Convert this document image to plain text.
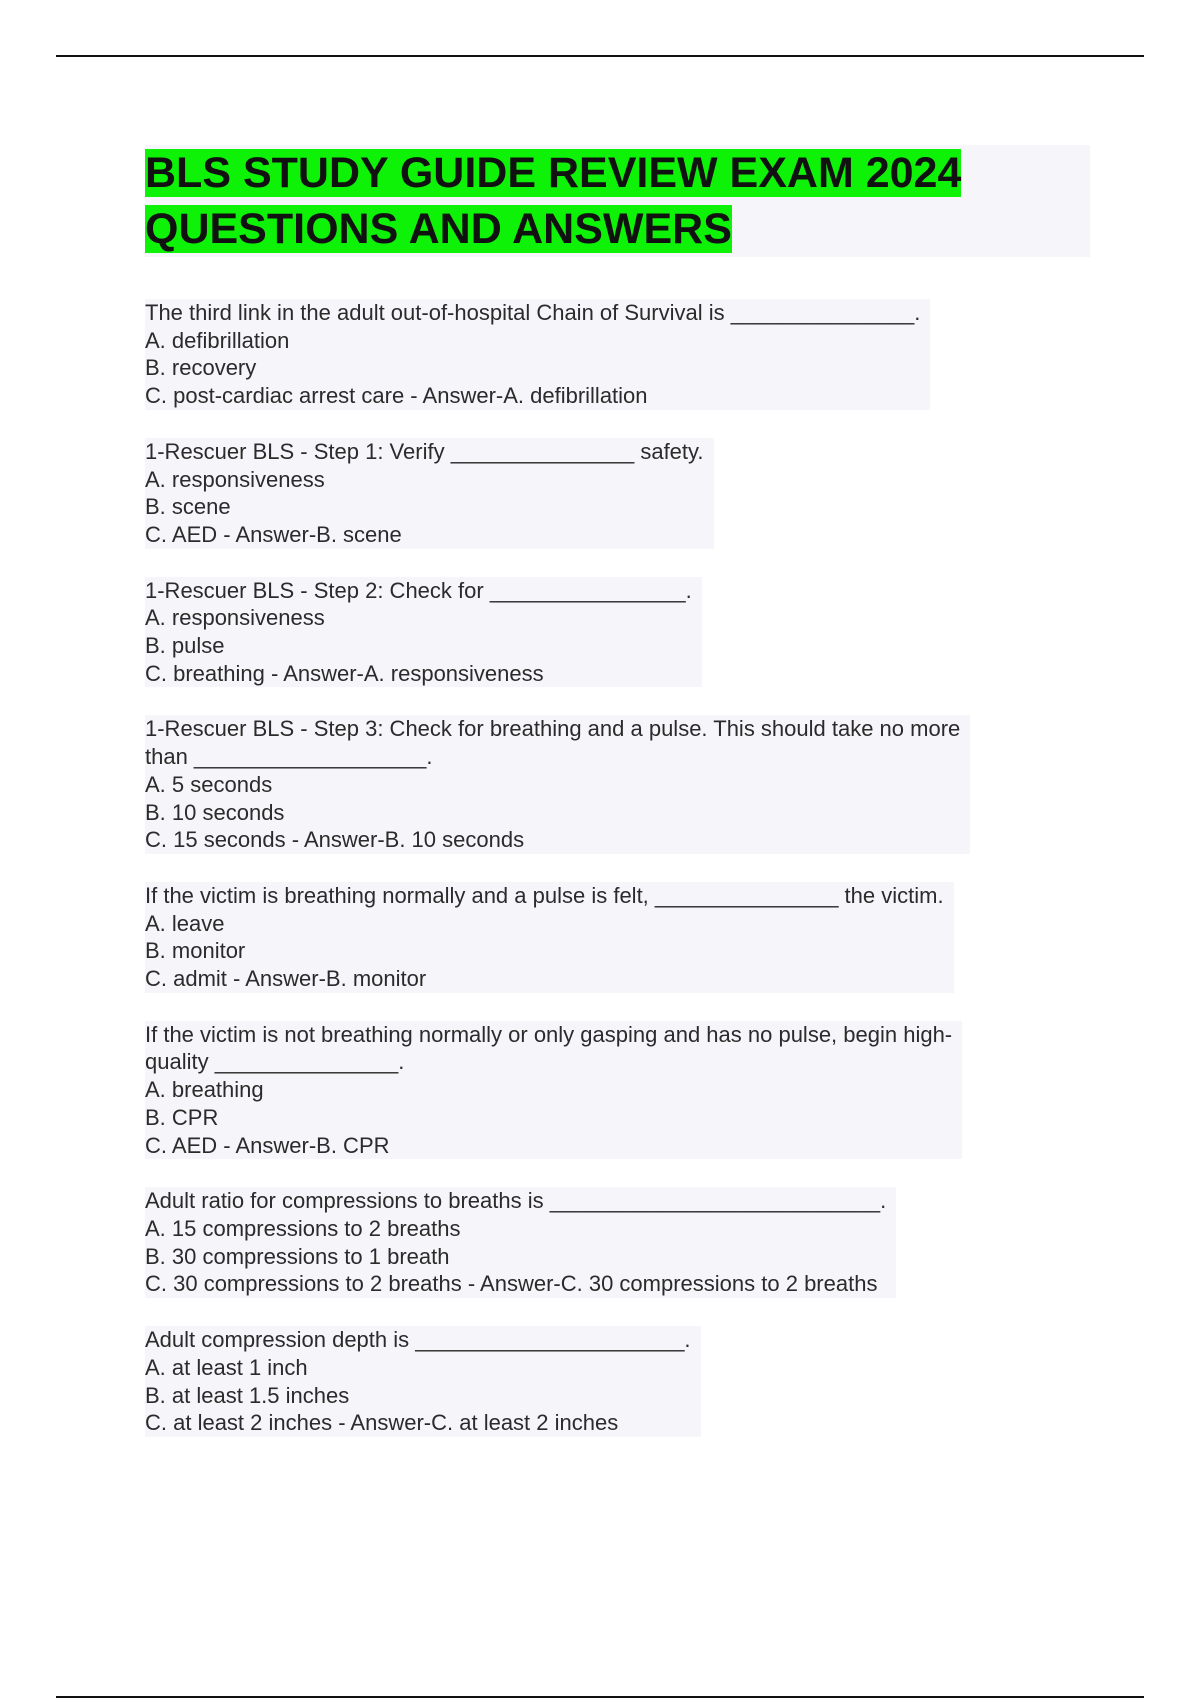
BLS STUDY GUIDE REVIEW EXAM 2024
QUESTIONS AND ANSWERS
The third link in the adult out-of-hospital Chain of Survival is _______________.
A. defibrillation
B. recovery
C. post-cardiac arrest care - Answer-A. defibrillation
1-Rescuer BLS - Step 1: Verify _______________ safety.
A. responsiveness
B. scene
C. AED - Answer-B. scene
1-Rescuer BLS - Step 2: Check for ________________.
A. responsiveness
B. pulse
C. breathing - Answer-A. responsiveness
1-Rescuer BLS - Step 3: Check for breathing and a pulse. This should take no more
than ___________________.
A. 5 seconds
B. 10 seconds
C. 15 seconds - Answer-B. 10 seconds
If the victim is breathing normally and a pulse is felt, _______________ the victim.
A. leave
B. monitor
C. admit - Answer-B. monitor
If the victim is not breathing normally or only gasping and has no pulse, begin high-
quality _______________.
A. breathing
B. CPR
C. AED - Answer-B. CPR
Adult ratio for compressions to breaths is ___________________________.
A. 15 compressions to 2 breaths
B. 30 compressions to 1 breath
C. 30 compressions to 2 breaths - Answer-C. 30 compressions to 2 breaths
Adult compression depth is ______________________.
A. at least 1 inch
B. at least 1.5 inches
C. at least 2 inches - Answer-C. at least 2 inches
